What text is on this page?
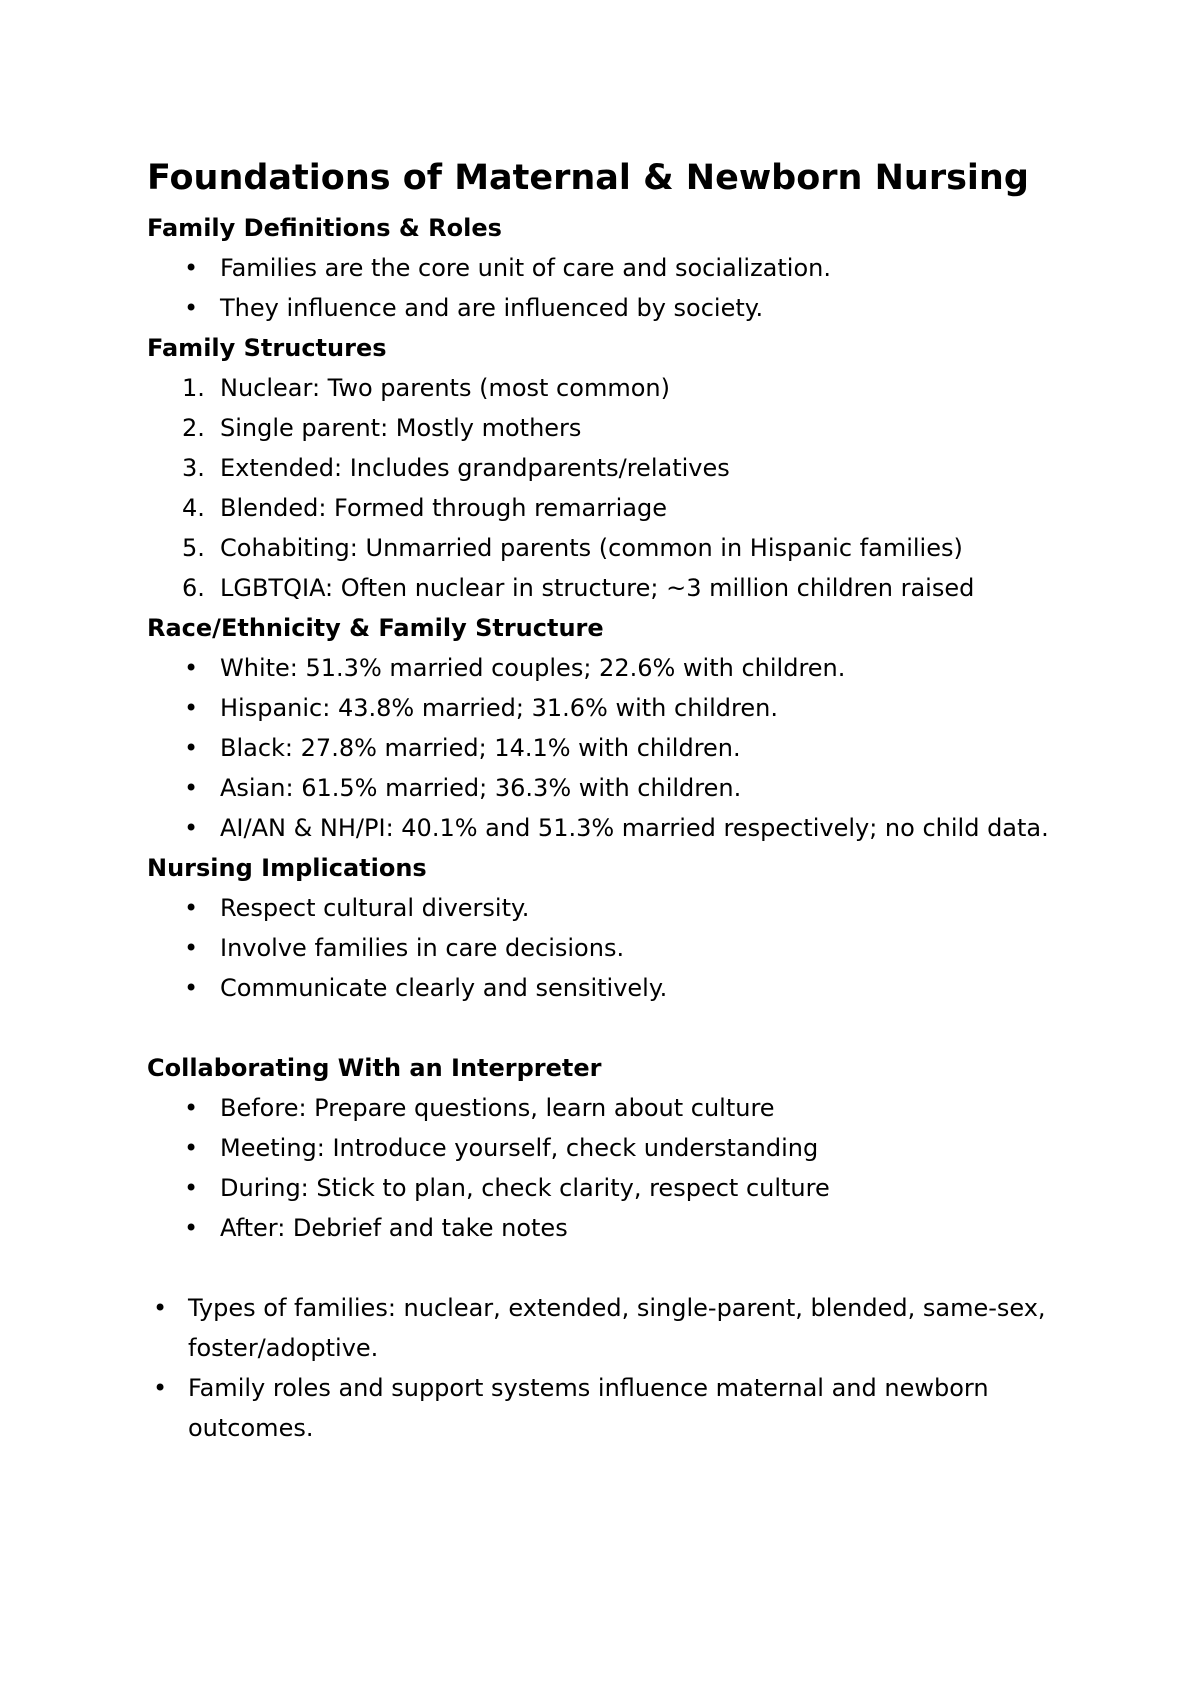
Foundations of Maternal & Newborn Nursing
Family Definitions & Roles
• Families are the core unit of care and socialization.
• They influence and are influenced by society.
Family Structures
1. Nuclear: Two parents (most common)
2. Single parent: Mostly mothers
3. Extended: Includes grandparents/relatives
4. Blended: Formed through remarriage
5. Cohabiting: Unmarried parents (common in Hispanic families)
6. LGBTQIA: Often nuclear in structure; ~3 million children raised
Race/Ethnicity & Family Structure
• White: 51.3% married couples; 22.6% with children.
• Hispanic: 43.8% married; 31.6% with children.
• Black: 27.8% married; 14.1% with children.
• Asian: 61.5% married; 36.3% with children.
• AI/AN & NH/PI: 40.1% and 51.3% married respectively; no child data.
Nursing Implications
• Respect cultural diversity.
• Involve families in care decisions.
• Communicate clearly and sensitively.
Collaborating With an Interpreter
• Before: Prepare questions, learn about culture
• Meeting: Introduce yourself, check understanding
• During: Stick to plan, check clarity, respect culture
• After: Debrief and take notes
• Types of families: nuclear, extended, single-parent, blended, same-sex, foster/adoptive.
• Family roles and support systems influence maternal and newborn outcomes.
